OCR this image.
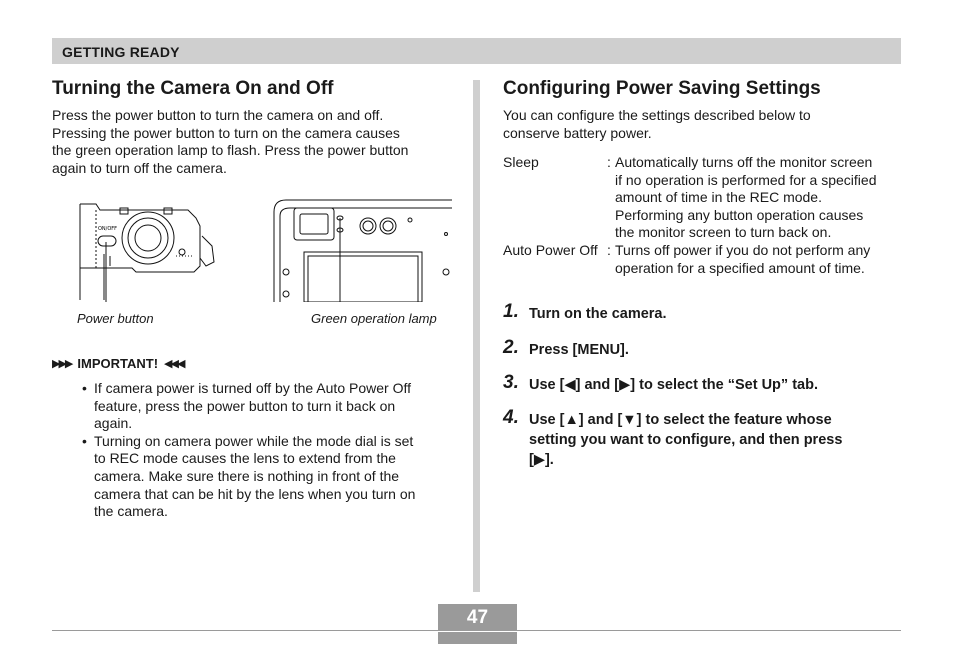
GETTING READY
Turning the Camera On and Off
Press the power button to turn the camera on and off.
Pressing the power button to turn on the camera causes
the green operation lamp to flash. Press the power button
again to turn off the camera.
ON/OFF
Power button	Green operation lamp
▶▶▶ IMPORTANT! ◀◀◀
• If camera power is turned off by the Auto Power Off
feature, press the power button to turn it back on
again.
• Turning on camera power while the mode dial is set
to REC mode causes the lens to extend from the
camera. Make sure there is nothing in front of the
camera that can be hit by the lens when you turn on
the camera.
Configuring Power Saving Settings
You can configure the settings described below to
conserve battery power.
Sleep	: Automatically turns off the monitor screen
if no operation is performed for a specified
amount of time in the REC mode.
Performing any button operation causes
the monitor screen to turn back on.
Auto Power Off : Turns off power if you do not perform any
operation for a specified amount of time.
1. Turn on the camera.
2. Press [MENU].
3. Use [◀] and [▶] to select the “Set Up” tab.
4. Use [▲] and [▼] to select the feature whose
setting you want to configure, and then press
[▶].
47
